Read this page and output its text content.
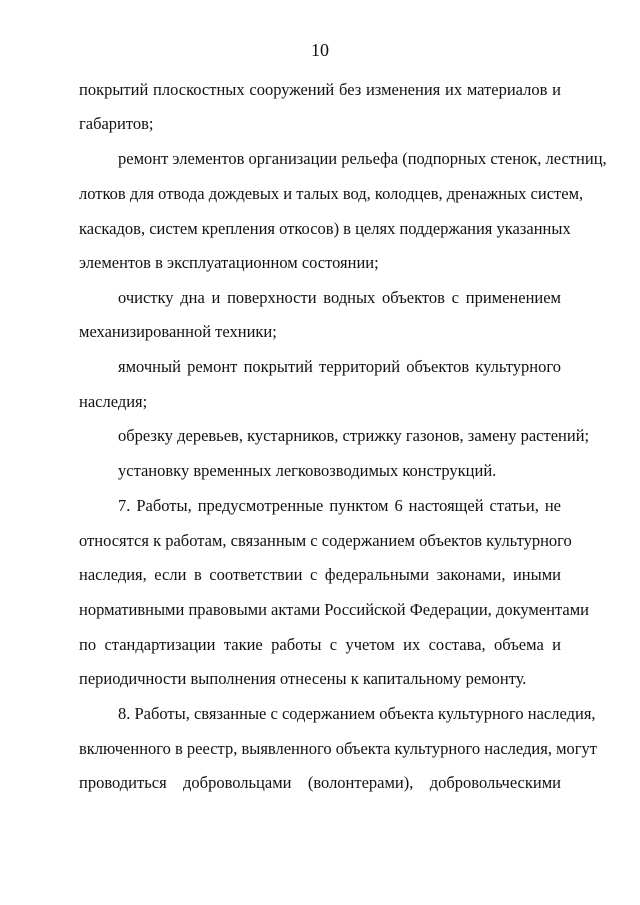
10
покрытий плоскостных сооружений без изменения их материалов и
габаритов;
ремонт элементов организации рельефа (подпорных стенок, лестниц,
лотков для отвода дождевых и талых вод, колодцев, дренажных систем,
каскадов, систем крепления откосов) в целях поддержания указанных
элементов в эксплуатационном состоянии;
очистку дна и поверхности водных объектов с применением
механизированной техники;
ямочный ремонт покрытий территорий объектов культурного
наследия;
обрезку деревьев, кустарников, стрижку газонов, замену растений;
установку временных легковозводимых конструкций.
7. Работы, предусмотренные пунктом 6 настоящей статьи, не
относятся к работам, связанным с содержанием объектов культурного
наследия, если в соответствии с федеральными законами, иными
нормативными правовыми актами Российской Федерации, документами
по стандартизации такие работы с учетом их состава, объема и
периодичности выполнения отнесены к капитальному ремонту.
8. Работы, связанные с содержанием объекта культурного наследия,
включенного в реестр, выявленного объекта культурного наследия, могут
проводиться добровольцами (волонтерами), добровольческими
